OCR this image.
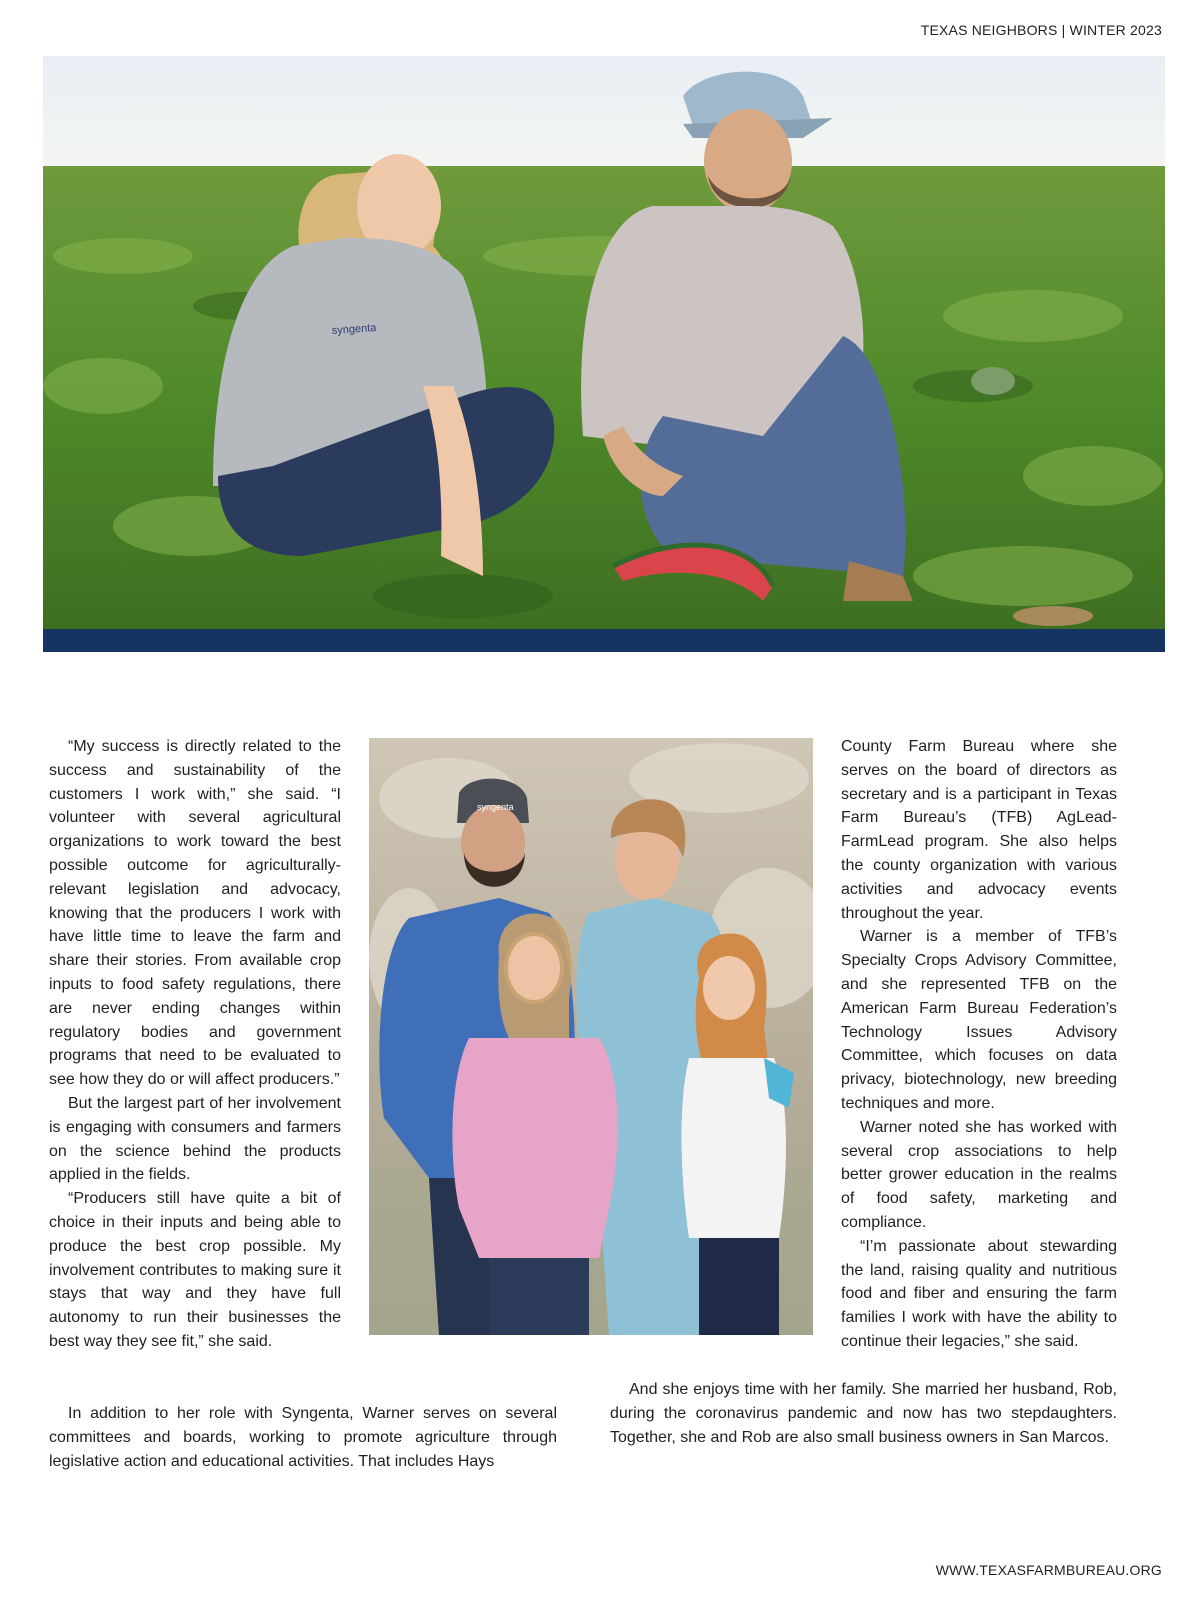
TEXAS NEIGHBORS | WINTER 2023
syngenta
syngenta

“My success is directly related to the success and sustainability of the customers I work with,” she said. “I volunteer with several agricultural organizations to work toward the best possible outcome for agriculturally-relevant legislation and advocacy, knowing that the producers I work with have little time to leave the farm and share their stories. From available crop inputs to food safety regulations, there are never ending changes within regulatory bodies and government programs that need to be evaluated to see how they do or will affect producers.”

But the largest part of her involvement is engaging with consumers and farmers on the science behind the products applied in the fields.

“Producers still have quite a bit of choice in their inputs and being able to produce the best crop possible. My involvement contributes to making sure it stays that way and they have full autonomy to run their businesses the best way they see fit,” she said.

County Farm Bureau where she serves on the board of directors as secretary and is a participant in Texas Farm Bureau’s (TFB) AgLead-FarmLead program. She also helps the county organization with various activities and advocacy events throughout the year.

Warner is a member of TFB’s Specialty Crops Advisory Committee, and she represented TFB on the American Farm Bureau Federation’s Technology Issues Advisory Committee, which focuses on data privacy, biotechnology, new breeding techniques and more.

Warner noted she has worked with several crop associations to help better grower education in the realms of food safety, marketing and compliance.

“I’m passionate about stewarding the land, raising quality and nutritious food and fiber and ensuring the farm families I work with have the ability to continue their legacies,” she said.

In addition to her role with Syngenta, Warner serves on several committees and boards, working to promote agriculture through legislative action and educational activities. That includes Hays

And she enjoys time with her family. She married her husband, Rob, during the coronavirus pandemic and now has two stepdaughters. Together, she and Rob are also small business owners in San Marcos.

WWW.TEXASFARMBUREAU.ORG
